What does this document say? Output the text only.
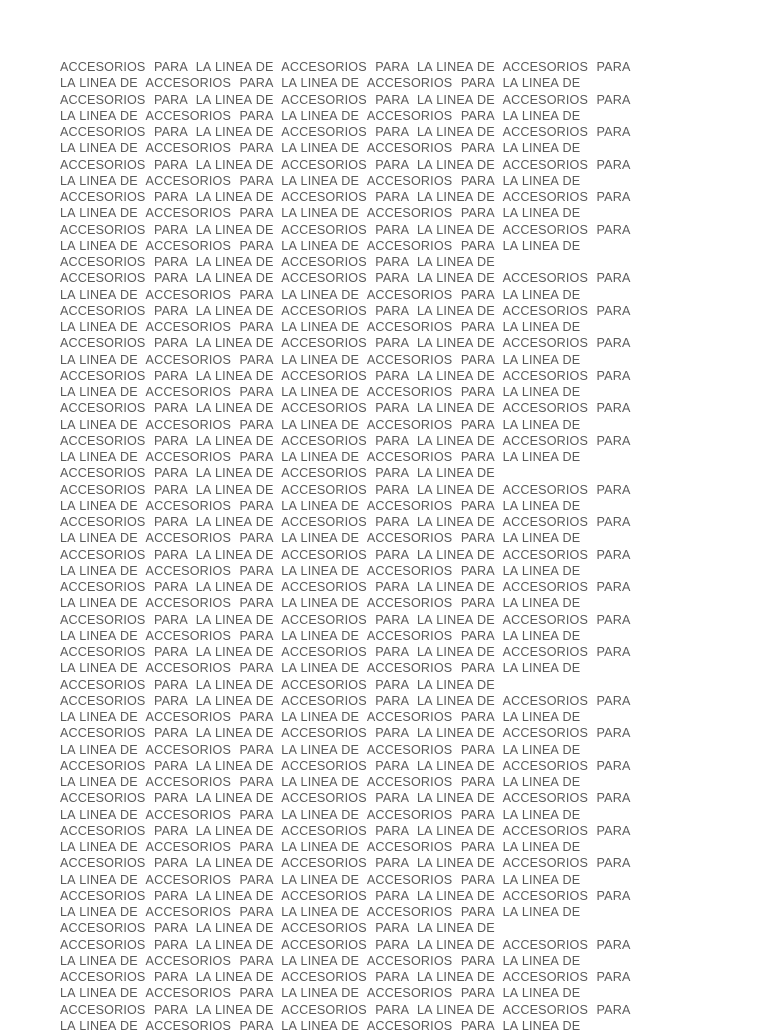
ACCESORIOS  PARA  LA LINEA DE  ACCESORIOS  PARA  LA LINEA DE  ACCESORIOS  PARA
LA LINEA DE  ACCESORIOS  PARA  LA LINEA DE  ACCESORIOS  PARA  LA LINEA DE
ACCESORIOS  PARA  LA LINEA DE  ACCESORIOS  PARA  LA LINEA DE  ACCESORIOS  PARA
LA LINEA DE  ACCESORIOS  PARA  LA LINEA DE  ACCESORIOS  PARA  LA LINEA DE
ACCESORIOS  PARA  LA LINEA DE  ACCESORIOS  PARA  LA LINEA DE  ACCESORIOS  PARA
LA LINEA DE  ACCESORIOS  PARA  LA LINEA DE  ACCESORIOS  PARA  LA LINEA DE
ACCESORIOS  PARA  LA LINEA DE  ACCESORIOS  PARA  LA LINEA DE  ACCESORIOS  PARA
LA LINEA DE  ACCESORIOS  PARA  LA LINEA DE  ACCESORIOS  PARA  LA LINEA DE
ACCESORIOS  PARA  LA LINEA DE  ACCESORIOS  PARA  LA LINEA DE  ACCESORIOS  PARA
LA LINEA DE  ACCESORIOS  PARA  LA LINEA DE  ACCESORIOS  PARA  LA LINEA DE
ACCESORIOS  PARA  LA LINEA DE  ACCESORIOS  PARA  LA LINEA DE  ACCESORIOS  PARA
LA LINEA DE  ACCESORIOS  PARA  LA LINEA DE  ACCESORIOS  PARA  LA LINEA DE
ACCESORIOS  PARA  LA LINEA DE  ACCESORIOS  PARA  LA LINEA DE
ACCESORIOS  PARA  LA LINEA DE  ACCESORIOS  PARA  LA LINEA DE  ACCESORIOS  PARA
LA LINEA DE  ACCESORIOS  PARA  LA LINEA DE  ACCESORIOS  PARA  LA LINEA DE
ACCESORIOS  PARA  LA LINEA DE  ACCESORIOS  PARA  LA LINEA DE  ACCESORIOS  PARA
LA LINEA DE  ACCESORIOS  PARA  LA LINEA DE  ACCESORIOS  PARA  LA LINEA DE
ACCESORIOS  PARA  LA LINEA DE  ACCESORIOS  PARA  LA LINEA DE  ACCESORIOS  PARA
LA LINEA DE  ACCESORIOS  PARA  LA LINEA DE  ACCESORIOS  PARA  LA LINEA DE
ACCESORIOS  PARA  LA LINEA DE  ACCESORIOS  PARA  LA LINEA DE  ACCESORIOS  PARA
LA LINEA DE  ACCESORIOS  PARA  LA LINEA DE  ACCESORIOS  PARA  LA LINEA DE
ACCESORIOS  PARA  LA LINEA DE  ACCESORIOS  PARA  LA LINEA DE  ACCESORIOS  PARA
LA LINEA DE  ACCESORIOS  PARA  LA LINEA DE  ACCESORIOS  PARA  LA LINEA DE
ACCESORIOS  PARA  LA LINEA DE  ACCESORIOS  PARA  LA LINEA DE  ACCESORIOS  PARA
LA LINEA DE  ACCESORIOS  PARA  LA LINEA DE  ACCESORIOS  PARA  LA LINEA DE
ACCESORIOS  PARA  LA LINEA DE  ACCESORIOS  PARA  LA LINEA DE
ACCESORIOS  PARA  LA LINEA DE  ACCESORIOS  PARA  LA LINEA DE  ACCESORIOS  PARA
LA LINEA DE  ACCESORIOS  PARA  LA LINEA DE  ACCESORIOS  PARA  LA LINEA DE
ACCESORIOS  PARA  LA LINEA DE  ACCESORIOS  PARA  LA LINEA DE  ACCESORIOS  PARA
LA LINEA DE  ACCESORIOS  PARA  LA LINEA DE  ACCESORIOS  PARA  LA LINEA DE
ACCESORIOS  PARA  LA LINEA DE  ACCESORIOS  PARA  LA LINEA DE  ACCESORIOS  PARA
LA LINEA DE  ACCESORIOS  PARA  LA LINEA DE  ACCESORIOS  PARA  LA LINEA DE
ACCESORIOS  PARA  LA LINEA DE  ACCESORIOS  PARA  LA LINEA DE  ACCESORIOS  PARA
LA LINEA DE  ACCESORIOS  PARA  LA LINEA DE  ACCESORIOS  PARA  LA LINEA DE
ACCESORIOS  PARA  LA LINEA DE  ACCESORIOS  PARA  LA LINEA DE  ACCESORIOS  PARA
LA LINEA DE  ACCESORIOS  PARA  LA LINEA DE  ACCESORIOS  PARA  LA LINEA DE
ACCESORIOS  PARA  LA LINEA DE  ACCESORIOS  PARA  LA LINEA DE  ACCESORIOS  PARA
LA LINEA DE  ACCESORIOS  PARA  LA LINEA DE  ACCESORIOS  PARA  LA LINEA DE
ACCESORIOS  PARA  LA LINEA DE  ACCESORIOS  PARA  LA LINEA DE
ACCESORIOS  PARA  LA LINEA DE  ACCESORIOS  PARA  LA LINEA DE  ACCESORIOS  PARA
LA LINEA DE  ACCESORIOS  PARA  LA LINEA DE  ACCESORIOS  PARA  LA LINEA DE
ACCESORIOS  PARA  LA LINEA DE  ACCESORIOS  PARA  LA LINEA DE  ACCESORIOS  PARA
LA LINEA DE  ACCESORIOS  PARA  LA LINEA DE  ACCESORIOS  PARA  LA LINEA DE
ACCESORIOS  PARA  LA LINEA DE  ACCESORIOS  PARA  LA LINEA DE  ACCESORIOS  PARA
LA LINEA DE  ACCESORIOS  PARA  LA LINEA DE  ACCESORIOS  PARA  LA LINEA DE
ACCESORIOS  PARA  LA LINEA DE  ACCESORIOS  PARA  LA LINEA DE  ACCESORIOS  PARA
LA LINEA DE  ACCESORIOS  PARA  LA LINEA DE  ACCESORIOS  PARA  LA LINEA DE
ACCESORIOS  PARA  LA LINEA DE  ACCESORIOS  PARA  LA LINEA DE  ACCESORIOS  PARA
LA LINEA DE  ACCESORIOS  PARA  LA LINEA DE  ACCESORIOS  PARA  LA LINEA DE
ACCESORIOS  PARA  LA LINEA DE  ACCESORIOS  PARA  LA LINEA DE  ACCESORIOS  PARA
LA LINEA DE  ACCESORIOS  PARA  LA LINEA DE  ACCESORIOS  PARA  LA LINEA DE
ACCESORIOS  PARA  LA LINEA DE  ACCESORIOS  PARA  LA LINEA DE  ACCESORIOS  PARA
LA LINEA DE  ACCESORIOS  PARA  LA LINEA DE  ACCESORIOS  PARA  LA LINEA DE
ACCESORIOS  PARA  LA LINEA DE  ACCESORIOS  PARA  LA LINEA DE
ACCESORIOS  PARA  LA LINEA DE  ACCESORIOS  PARA  LA LINEA DE  ACCESORIOS  PARA
LA LINEA DE  ACCESORIOS  PARA  LA LINEA DE  ACCESORIOS  PARA  LA LINEA DE
ACCESORIOS  PARA  LA LINEA DE  ACCESORIOS  PARA  LA LINEA DE  ACCESORIOS  PARA
LA LINEA DE  ACCESORIOS  PARA  LA LINEA DE  ACCESORIOS  PARA  LA LINEA DE
ACCESORIOS  PARA  LA LINEA DE  ACCESORIOS  PARA  LA LINEA DE  ACCESORIOS  PARA
LA LINEA DE  ACCESORIOS  PARA  LA LINEA DE  ACCESORIOS  PARA  LA LINEA DE
